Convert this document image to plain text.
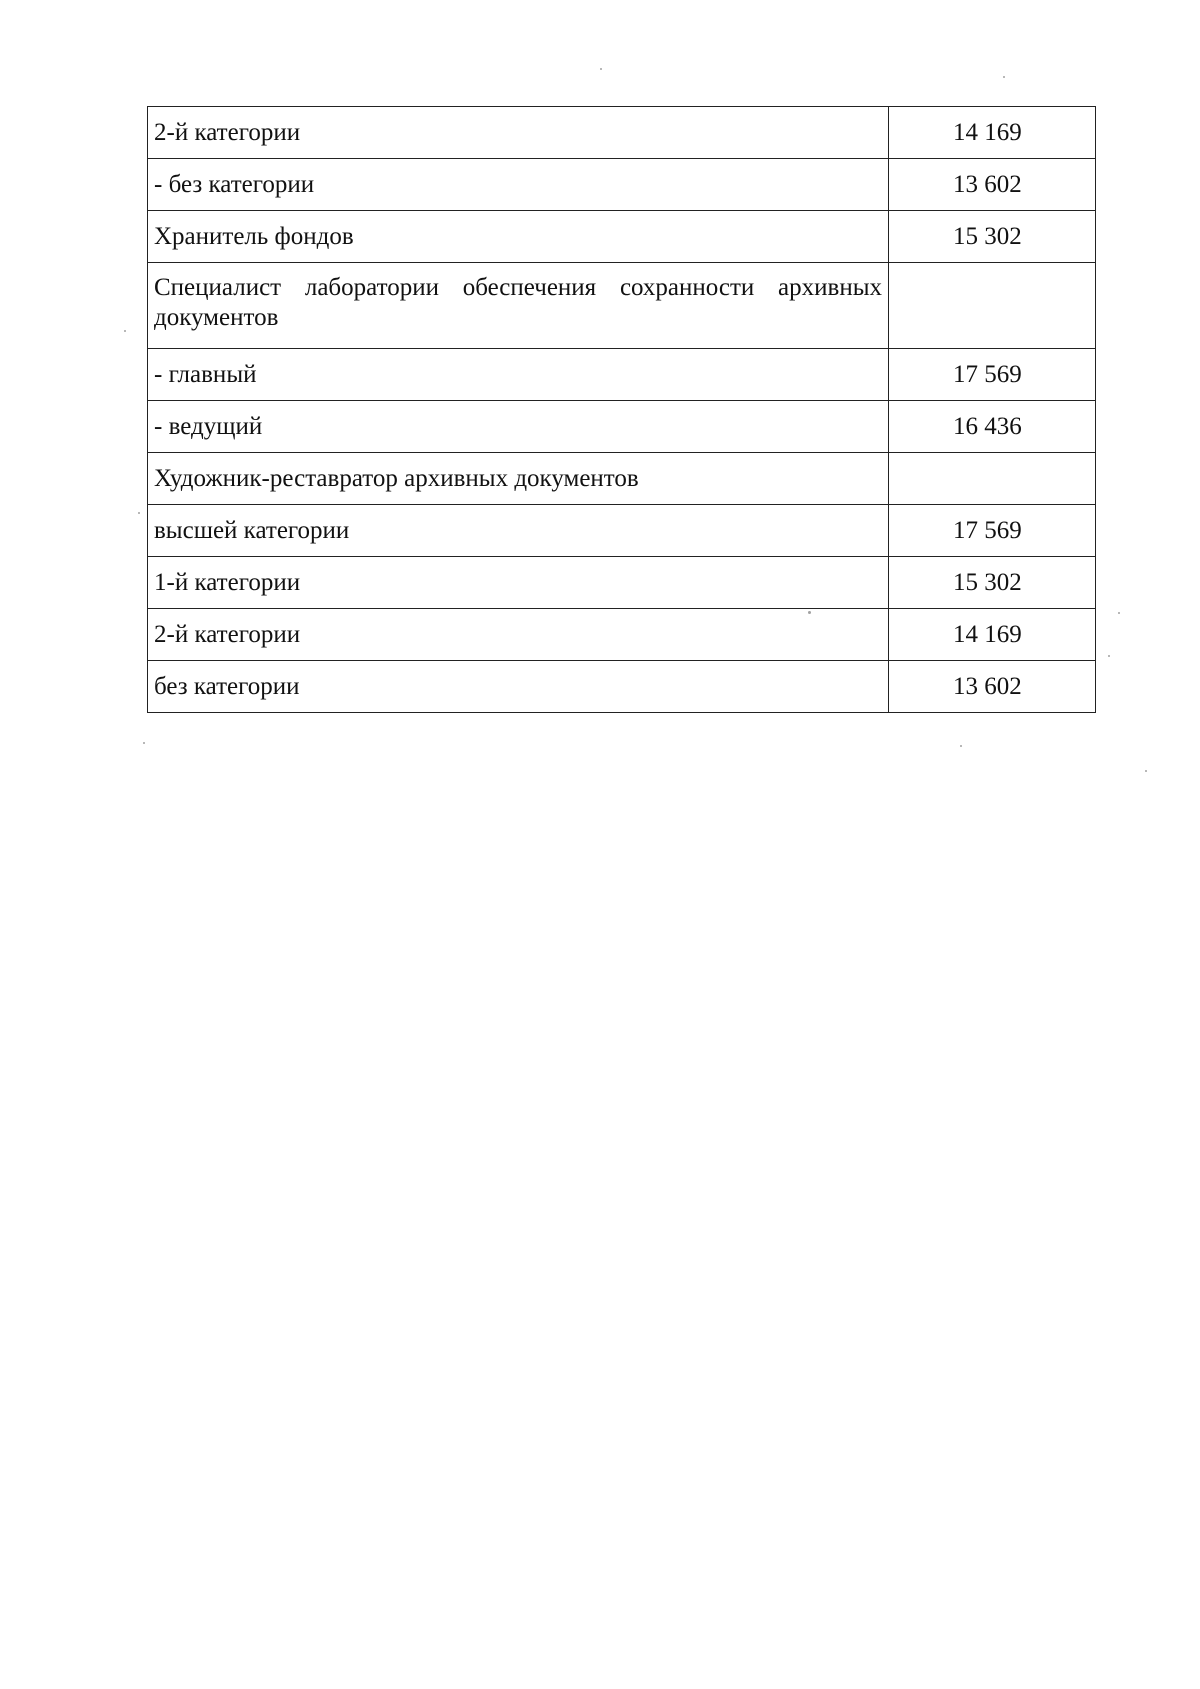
2-й категории	14 169
- без категории	13 602
Хранитель фондов	15 302
Специалист лаборатории обеспечения сохранности архивных документов	
- главный	17 569
- ведущий	16 436
Художник-реставратор архивных документов	
высшей категории	17 569
1-й категории	15 302
2-й категории	14 169
без категории	13 602
